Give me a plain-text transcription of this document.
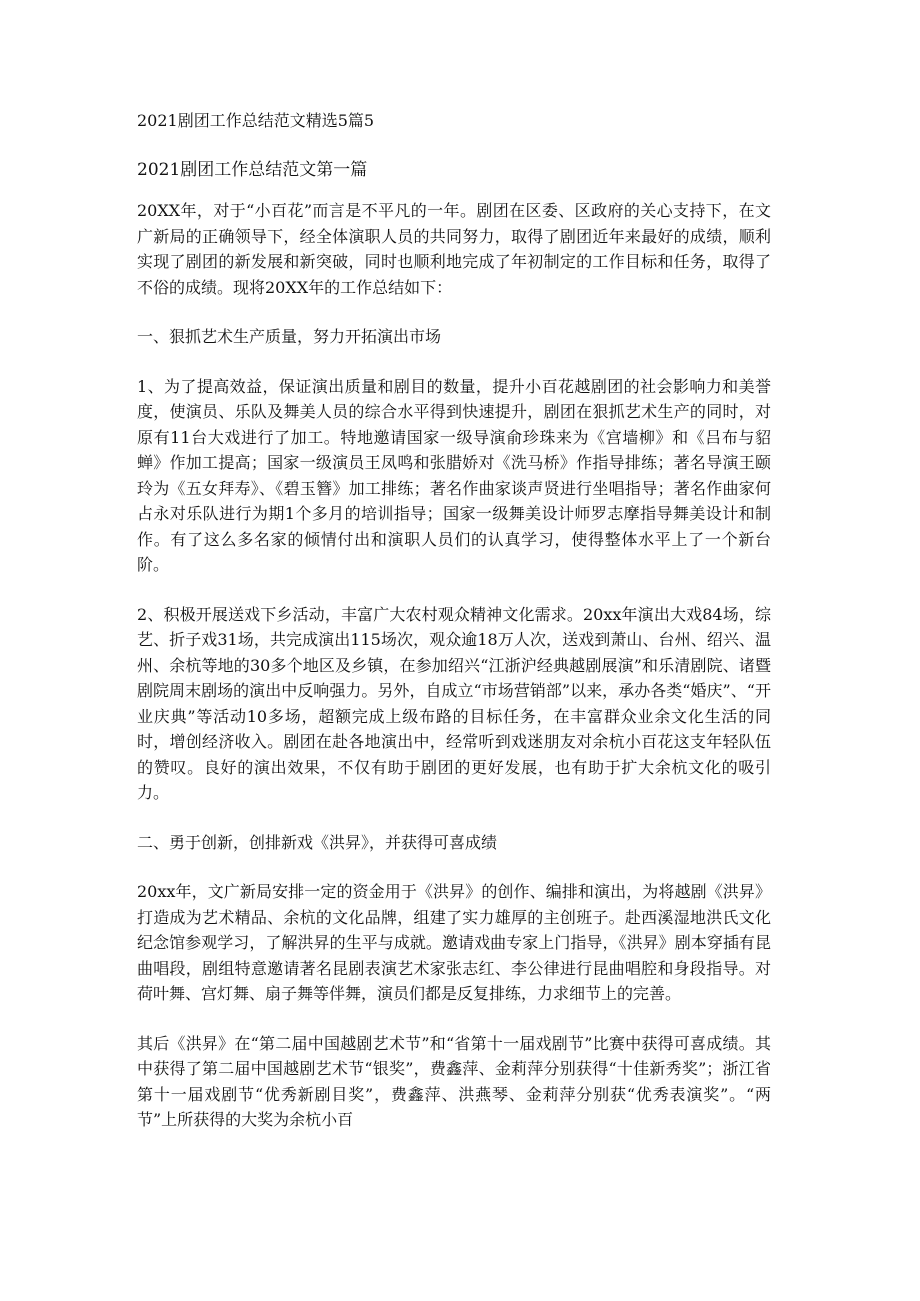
2021剧团工作总结范文精选5篇5
2021剧团工作总结范文第一篇

20XX年，对于“小百花”而言是不平凡的一年。剧团在区委、区政府的关心支持下，在文广新局的正确领导下，经全体演职人员的共同努力，取得了剧团近年来最好的成绩，顺利实现了剧团的新发展和新突破，同时也顺利地完成了年初制定的工作目标和任务，取得了不俗的成绩。现将20XX年的工作总结如下：

一、狠抓艺术生产质量，努力开拓演出市场

1、为了提高效益，保证演出质量和剧目的数量，提升小百花越剧团的社会影响力和美誉度，使演员、乐队及舞美人员的综合水平得到快速提升，剧团在狠抓艺术生产的同时，对原有11台大戏进行了加工。特地邀请国家一级导演俞珍珠来为《宫墙柳》和《吕布与貂蝉》作加工提高；国家一级演员王凤鸣和张腊娇对《洗马桥》作指导排练；著名导演王颐玲为《五女拜寿》、《碧玉簪》加工排练；著名作曲家谈声贤进行坐唱指导；著名作曲家何占永对乐队进行为期1个多月的培训指导；国家一级舞美设计师罗志摩指导舞美设计和制作。有了这么多名家的倾情付出和演职人员们的认真学习，使得整体水平上了一个新台阶。

2、积极开展送戏下乡活动，丰富广大农村观众精神文化需求。20xx年演出大戏84场，综艺、折子戏31场，共完成演出115场次，观众逾18万人次，送戏到萧山、台州、绍兴、温州、余杭等地的30多个地区及乡镇，在参加绍兴“江浙沪经典越剧展演”和乐清剧院、诸暨剧院周末剧场的演出中反响强力。另外，自成立“市场营销部”以来，承办各类“婚庆”、“开业庆典”等活动10多场，超额完成上级布路的目标任务，在丰富群众业余文化生活的同时，增创经济收入。剧团在赴各地演出中，经常听到戏迷朋友对余杭小百花这支年轻队伍的赞叹。良好的演出效果，不仅有助于剧团的更好发展，也有助于扩大余杭文化的吸引力。

二、勇于创新，创排新戏《洪昇》，并获得可喜成绩

20xx年，文广新局安排一定的资金用于《洪昇》的创作、编排和演出，为将越剧《洪昇》打造成为艺术精品、余杭的文化品牌，组建了实力雄厚的主创班子。赴西溪湿地洪氏文化纪念馆参观学习，了解洪昇的生平与成就。邀请戏曲专家上门指导，《洪昇》剧本穿插有昆曲唱段，剧组特意邀请著名昆剧表演艺术家张志红、李公律进行昆曲唱腔和身段指导。对荷叶舞、宫灯舞、扇子舞等伴舞，演员们都是反复排练，力求细节上的完善。

其后《洪昇》在“第二届中国越剧艺术节”和“省第十一届戏剧节”比赛中获得可喜成绩。其中获得了第二届中国越剧艺术节“银奖”，费鑫萍、金莉萍分别获得“十佳新秀奖”；浙江省第十一届戏剧节“优秀新剧目奖”，费鑫萍、洪燕琴、金莉萍分别获“优秀表演奖”。“两节”上所获得的大奖为余杭小百
